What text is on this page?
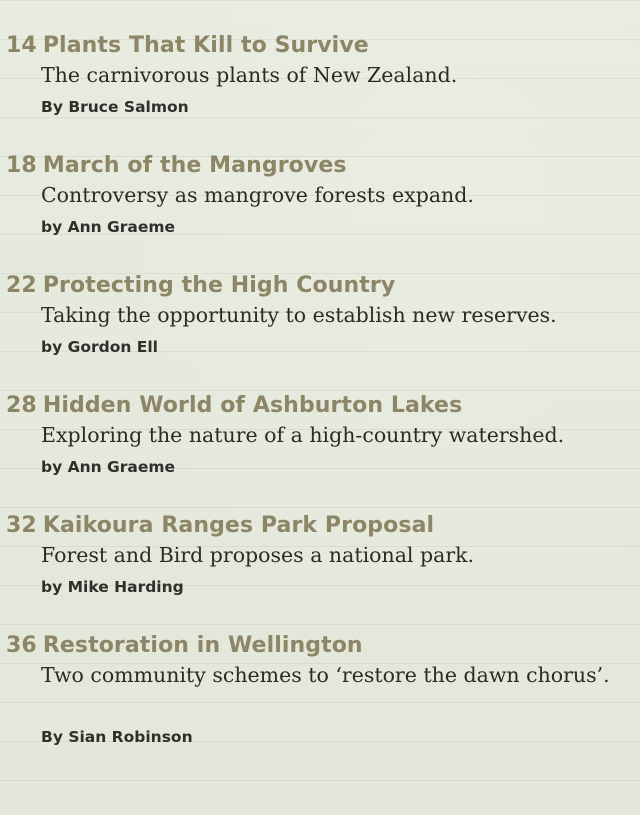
14 Plants That Kill to Survive
The carnivorous plants of New Zealand.
By Bruce Salmon
18 March of the Mangroves
Controversy as mangrove forests expand.
by Ann Graeme
22 Protecting the High Country
Taking the opportunity to establish new reserves.
by Gordon Ell
28 Hidden World of Ashburton Lakes
Exploring the nature of a high-country watershed.
by Ann Graeme
32 Kaikoura Ranges Park Proposal
Forest and Bird proposes a national park.
by Mike Harding
36 Restoration in Wellington
Two community schemes to ‘restore the dawn chorus’.
By Sian Robinson
